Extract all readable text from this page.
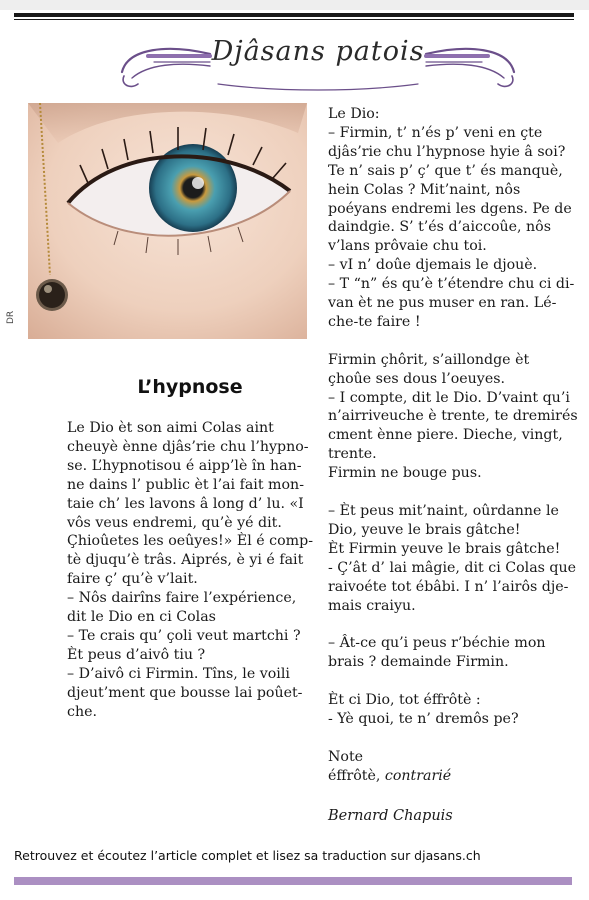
Djâsans patois
DR
L’hypnose
Le Dio èt son aimi Colas aint
cheuyè ènne djâs’rie chu l’hypno-
se. L’hypnotisou é aipp’lè în han-
ne dains l’ public èt l’ai fait mon-
taie ch’ les lavons â long d’ lu. «I
vôs veus endremi, qu’è yé dit.
Çhioûetes les oeûyes!» Èl é comp-
tè djuqu’è trâs. Aiprés, è yi é fait
faire ç’ qu’è v’lait.
– Nôs dairîns faire l’expérience,
dit le Dio en ci Colas
– Te crais qu’ çoli veut martchi ?
Èt peus d’aivô tiu ?
– D’aivô ci Firmin. Tîns, le voili
djeut’ment que bousse lai poûet-
che.
Le Dio:
– Firmin, t’ n’és p’ veni en çte
djâs’rie chu l’hypnose hyie â soi?
Te n’ sais p’ ç’ que t’ és manquè,
hein Colas ? Mit’naint, nôs
poéyans endremi les dgens. Pe de
daindgie. S’ t’és d’aiccoûe, nôs
v’lans prôvaie chu toi.
– vI n’ doûe djemais le djouè.
– T “n” és qu’è t’étendre chu ci di-
van èt ne pus muser en ran. Lé-
che-te faire !
Firmin çhôrit, s’aillondge èt
çhoûe ses dous l’oeuyes.
– I compte, dit le Dio. D’vaint qu’i
n’airriveuche è trente, te dremirés
cment ènne piere. Dieche, vingt,
trente.
Firmin ne bouge pus.
– Èt peus mit’naint, oûrdanne le
Dio, yeuve le brais gâtche!
Èt Firmin yeuve le brais gâtche!
- Ç’ât d’ lai mâgie, dit ci Colas que
raivoéte tot ébâbi. I n’ l’airôs dje-
mais craiyu.
– Ât-ce qu’i peus r’béchie mon
brais ? demainde Firmin.
Èt ci Dio, tot éffrôtè :
- Yè quoi, te n’ dremôs pe?
Note
éffrôtè, contrarié
Bernard Chapuis
Retrouvez et écoutez l’article complet et lisez sa traduction sur djasans.ch
